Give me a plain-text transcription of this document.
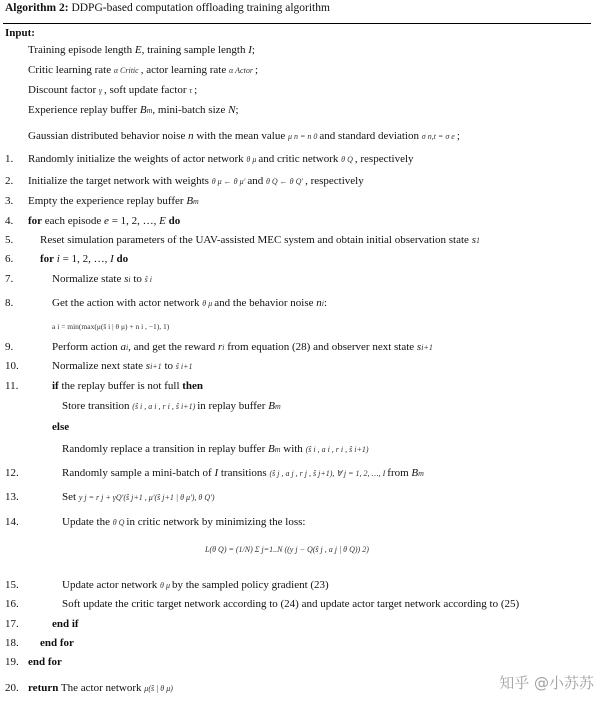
Algorithm 2: DDPG-based computation offloading training algorithm
Input:
Training episode length E, training sample length I;
Critic learning rate α Critic , actor learning rate α Actor ;
Discount factor γ , soft update factor τ ;
Experience replay buffer Bm, mini-batch size N;
Gaussian distributed behavior noise n with the mean value μ n = n 0 and standard deviation σ n,t = σ e ;
1. Randomly initialize the weights of actor network θ μ and critic network θ Q , respectively
2. Initialize the target network with weights θ μ ← θ μ' and θ Q ← θ Q' , respectively
3. Empty the experience replay buffer Bm
4. for each episode e = 1, 2, …, E do
5. Reset simulation parameters of the UAV-assisted MEC system and obtain initial observation state s1
6. for i = 1, 2, …, I do
7.	Normalize state si to ŝ i
8.	Get the action with actor network θ μ and the behavior noise ni:
a i = min(max(μ(ŝ i | θ μ) + n i , −1), 1)
9.	Perform action ai, and get the reward ri from equation (28) and observer next state si+1
10.	Normalize next state si+1 to ŝ i+1
11.	if the replay buffer is not full then
Store transition (ŝ i , a i , r i , ŝ i+1) in replay buffer Bm
else
Randomly replace a transition in replay buffer Bm with (ŝ i , a i , r i , ŝ i+1)
12.	Randomly sample a mini-batch of I transitions (ŝ j , a j , r j , ŝ j+1), ∀ j = 1, 2, …, I from Bm
13.	Set y j = r j + γQ'(ŝ j+1 , μ'(ŝ j+1 | θ μ'), θ Q')
14.	Update the θ Q in critic network by minimizing the loss:
L(θ Q) = (1/N) Σ j=1..N ((y j − Q(ŝ j , a j | θ Q)) 2)
15.	Update actor network θ μ by the sampled policy gradient (23)
16.	Soft update the critic target network according to (24) and update actor target network according to (25)
17.	end if
18. end for
19. end for
20. return The actor network μ(ŝ | θ μ)	知乎 @小苏苏
